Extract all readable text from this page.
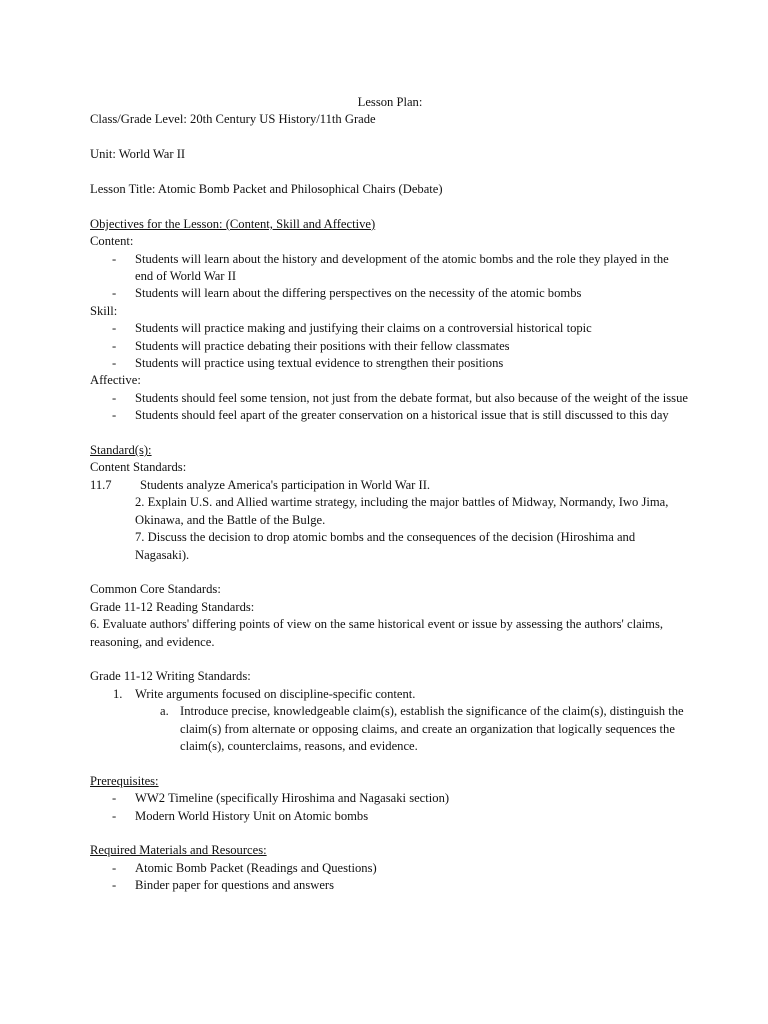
Lesson Plan:
Class/Grade Level: 20th Century US History/11th Grade
Unit: World War II
Lesson Title: Atomic Bomb Packet and Philosophical Chairs (Debate)
Objectives for the Lesson: (Content, Skill and Affective)
Content:
- Students will learn about the history and development of the atomic bombs and the role they played in the end of World War II
- Students will learn about the differing perspectives on the necessity of the atomic bombs
Skill:
- Students will practice making and justifying their claims on a controversial historical topic
- Students will practice debating their positions with their fellow classmates
- Students will practice using textual evidence to strengthen their positions
Affective:
- Students should feel some tension, not just from the debate format, but also because of the weight of the issue
- Students should feel apart of the greater conservation on a historical issue that is still discussed to this day
Standard(s):
Content Standards:
11.7 Students analyze America's participation in World War II.
2. Explain U.S. and Allied wartime strategy, including the major battles of Midway, Normandy, Iwo Jima, Okinawa, and the Battle of the Bulge.
7. Discuss the decision to drop atomic bombs and the consequences of the decision (Hiroshima and Nagasaki).
Common Core Standards:
Grade 11-12 Reading Standards:
6. Evaluate authors' differing points of view on the same historical event or issue by assessing the authors' claims, reasoning, and evidence.
Grade 11-12 Writing Standards:
1. Write arguments focused on discipline-specific content.
a. Introduce precise, knowledgeable claim(s), establish the significance of the claim(s), distinguish the claim(s) from alternate or opposing claims, and create an organization that logically sequences the claim(s), counterclaims, reasons, and evidence.
Prerequisites:
- WW2 Timeline (specifically Hiroshima and Nagasaki section)
- Modern World History Unit on Atomic bombs
Required Materials and Resources:
- Atomic Bomb Packet (Readings and Questions)
- Binder paper for questions and answers
